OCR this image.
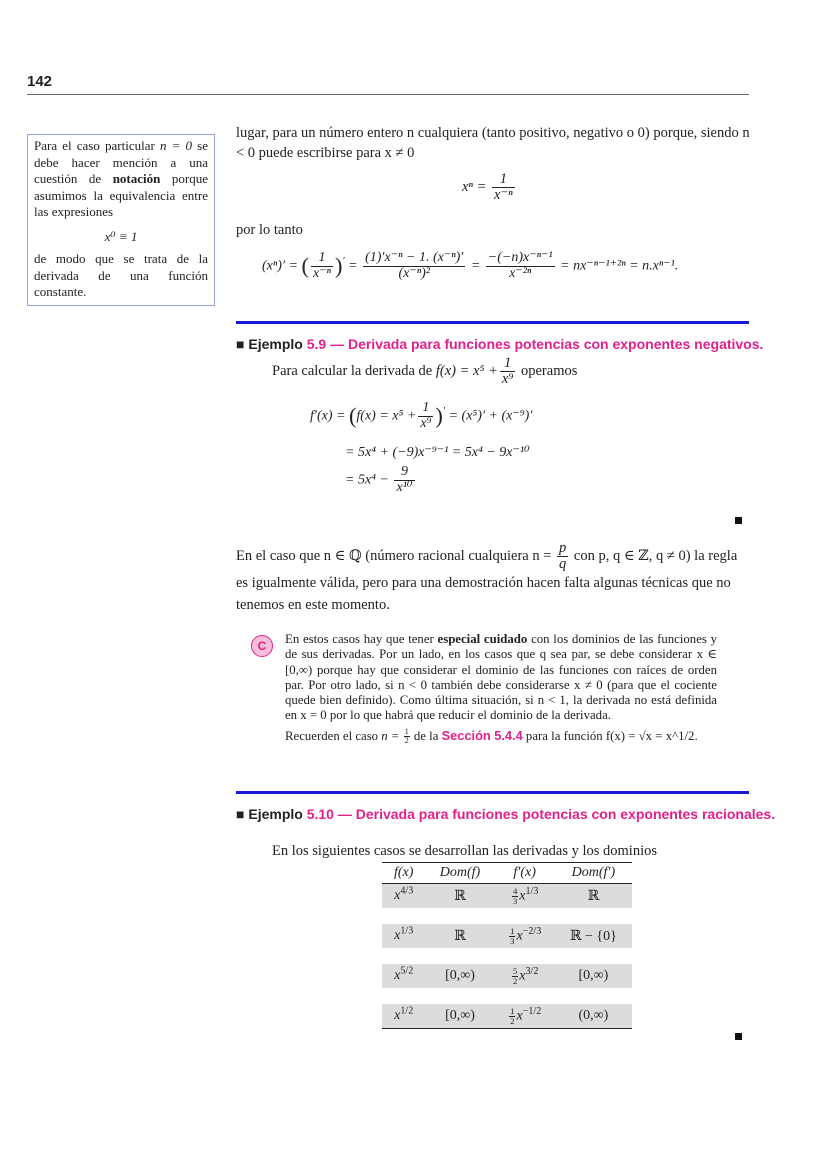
142
Para el caso particular n = 0 se debe hacer mención a una cuestión de notación porque asumimos la equivalencia entre las expresiones
x⁰ ≡ 1
de modo que se trata de la derivada de una función constante.
lugar, para un número entero n cualquiera (tanto positivo, negativo o 0) porque, siendo n < 0 puede escribirse para x ≠ 0
$x^n = \frac{1}{\text{x⁻ⁿ}}$
por lo tanto
(xⁿ)′ = ( $\frac{1}{\text{x⁻ⁿ}} )' = \frac{\text{(1)′x⁻ⁿ − 1. (x⁻ⁿ)′}}{\text{(x⁻ⁿ)²}} = \frac{\text{−(−n)x⁻ⁿ⁻¹}}{\text{x⁻²ⁿ}} = nx^{-n-1+2n} = n.x^{n-1}$.
■ Ejemplo 5.9 — Derivada para funciones potencias con exponentes negativos.
Para calcular la derivada de $f(x) = x^5 + \frac{1}{\text{x⁹}}$ operamos
$f'(x) = (f(x) = x^5 + \frac{1}{\text{x⁹}} )' = (x^5)' + (x^{-9})'$
= 5x⁴ + (−9)x⁻⁹⁻¹ = 5x⁴ − 9x⁻¹⁰
= $5x^4 - \frac{9}{\text{x¹⁰}}$
En el caso que n ∈ ℚ (número racional cualquiera $n = \frac{p}{q}$ con p, q ∈ ℤ, q ≠ 0) la regla es igualmente válida, pero para una demostración hacen falta algunas técnicas que no tenemos en este momento.
C	En estos casos hay que tener especial cuidado con los dominios de las funciones y de sus derivadas. Por un lado, en los casos que q sea par, se debe considerar x ∈ [0,∞) porque hay que considerar el dominio de las funciones con raíces de orden par. Por otro lado, si n < 0 también debe considerarse x ≠ 0 (para que el cociente quede bien definido). Como última situación, si n < 1, la derivada no está definida en x = 0 por lo que habrá que reducir el dominio de la derivada.
Recuerden el caso $n = \frac{1}{2}$ de la Sección 5.4.4 para la función f(x) = √x = x^1/2.
■ Ejemplo 5.10 — Derivada para funciones potencias con exponentes racionales.
En los siguientes casos se desarrollan las derivadas y los dominios
f(x)	Dom(f)	f′(x)	Dom(f′)
$x^{4/3}$	ℝ	$\frac{4}{3} x^{1/3}$	ℝ

$x^{1/3}$	ℝ	$\frac{1}{3} x^{-2/3}$	ℝ − {0}

$x^{5/2}$	[0,∞)	$\frac{5}{2} x^{3/2}$	[0,∞)

$x^{1/2}$	[0,∞)	$\frac{1}{2} x^{-1/2}$	(0,∞)
